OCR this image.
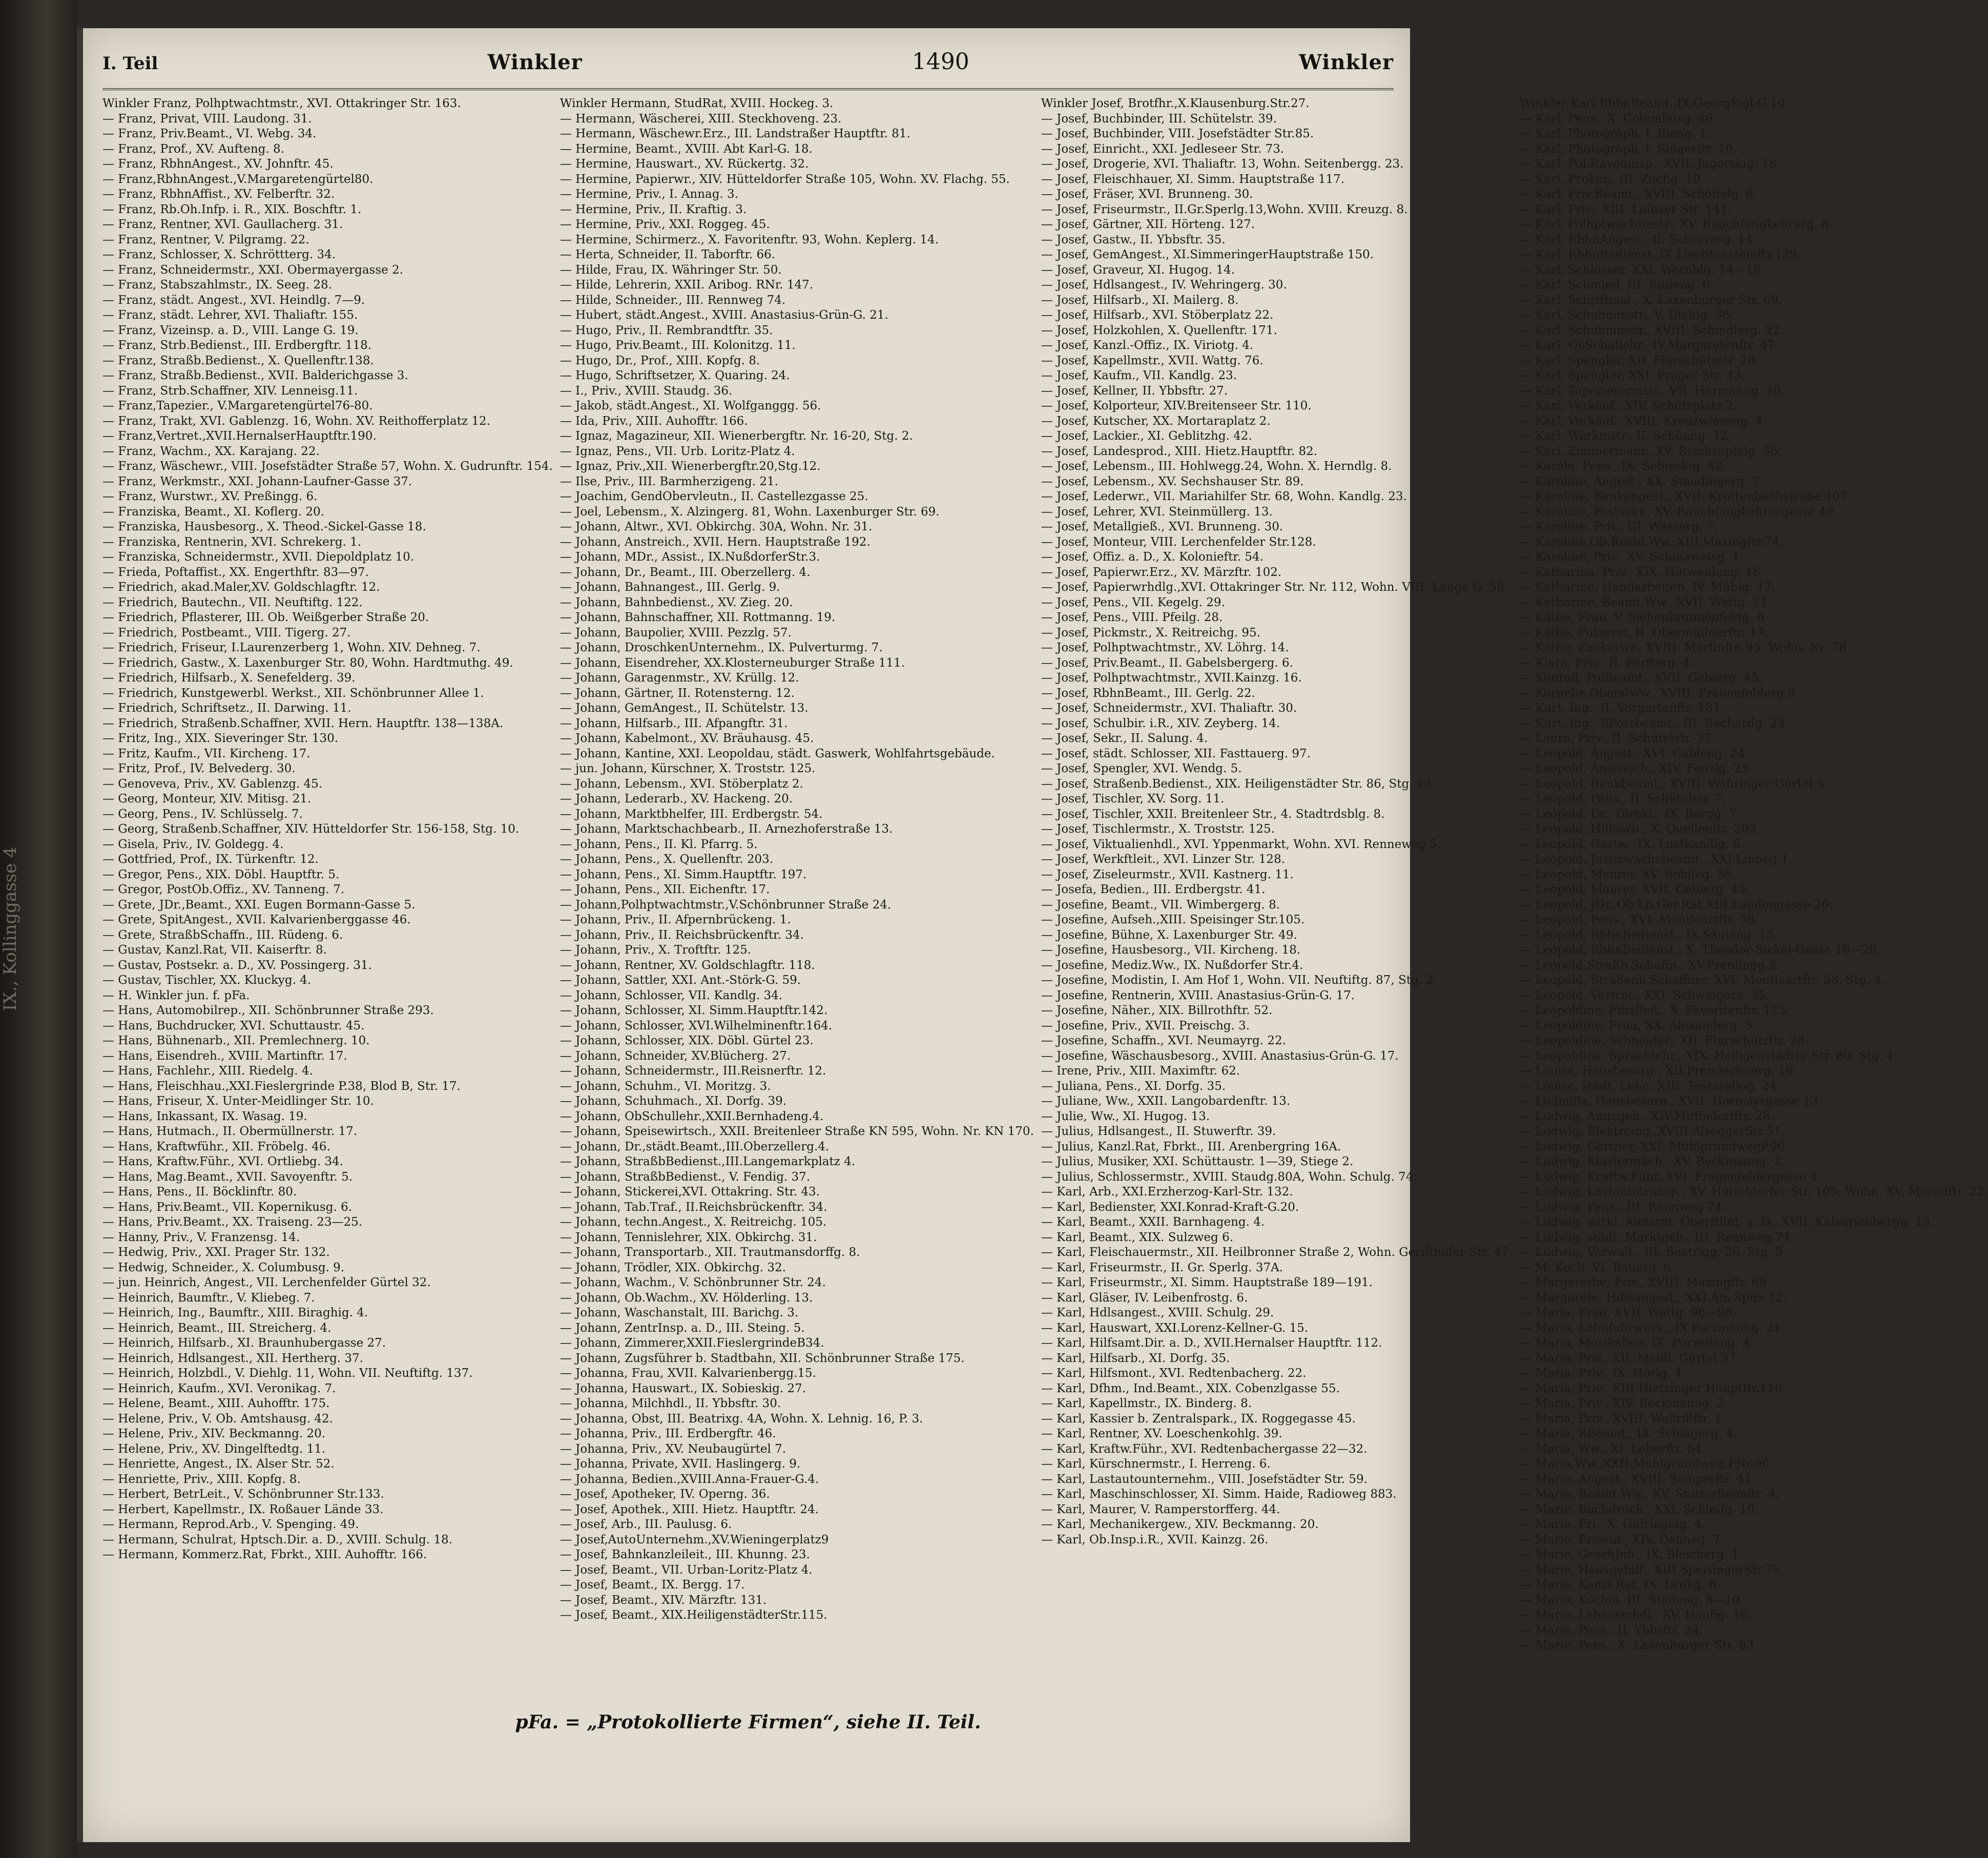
IX., Kollinggasse 4
I. Teil	Winkler	1490	Winkler
Winkler Franz, Polhptwachtmstr., XVI. Ottakringer Str. 163.
— Franz, Privat, VIII. Laudong. 31.
— Franz, Priv.Beamt., VI. Webg. 34.
— Franz, Prof., XV. Aufteng. 8.
— Franz, RbhnAngest., XV. Johnftr. 45.
— Franz,RbhnAngest.,V.Margaretengürtel80.
— Franz, RbhnAffist., XV. Felberftr. 32.
— Franz, Rb.Oh.Infp. i. R., XIX. Boschftr. 1.
— Franz, Rentner, XVI. Gaullacherg. 31.
— Franz, Rentner, V. Pilgramg. 22.
— Franz, Schlosser, X. Schröttterg. 34.
— Franz, Schneidermstr., XXI. Obermayergasse 2.
— Franz, Stabszahlmstr., IX. Seeg. 28.
— Franz, städt. Angest., XVI. Heindlg. 7—9.
— Franz, städt. Lehrer, XVI. Thaliaftr. 155.
— Franz, Vizeinsp. a. D., VIII. Lange G. 19.
— Franz, Strb.Bedienst., III. Erdbergftr. 118.
— Franz, Straßb.Bedienst., X. Quellenftr.138.
— Franz, Straßb.Bedienst., XVII. Balderichgasse 3.
— Franz, Strb.Schaffner, XIV. Lenneisg.11.
— Franz,Tapezier., V.Margaretengürtel76-80.
— Franz, Trakt, XVI. Gablenzg. 16, Wohn. XV. Reithofferplatz 12.
— Franz,Vertret.,XVII.HernalserHauptftr.190.
— Franz, Wachm., XX. Karajang. 22.
— Franz, Wäschewr., VIII. Josefstädter Straße 57, Wohn. X. Gudrunftr. 154.
— Franz, Werkmstr., XXI. Johann-Laufner-Gasse 37.
— Franz, Wurstwr., XV. Preßingg. 6.
— Franziska, Beamt., XI. Koflerg. 20.
— Franziska, Hausbesorg., X. Theod.-Sickel-Gasse 18.
— Franziska, Rentnerin, XVI. Schrekerg. 1.
— Franziska, Schneidermstr., XVII. Diepoldplatz 10.
— Frieda, Poftaffist., XX. Engerthftr. 83—97.
— Friedrich, akad.Maler,XV. Goldschlagftr. 12.
— Friedrich, Bautechn., VII. Neuftiftg. 122.
— Friedrich, Pflasterer, III. Ob. Weißgerber Straße 20.
— Friedrich, Postbeamt., VIII. Tigerg. 27.
— Friedrich, Friseur, I.Laurenzerberg 1, Wohn. XIV. Dehneg. 7.
— Friedrich, Gastw., X. Laxenburger Str. 80, Wohn. Hardtmuthg. 49.
— Friedrich, Hilfsarb., X. Senefelderg. 39.
— Friedrich, Kunstgewerbl. Werkst., XII. Schönbrunner Allee 1.
— Friedrich, Schriftsetz., II. Darwing. 11.
— Friedrich, Straßenb.Schaffner, XVII. Hern. Hauptftr. 138—138A.
— Fritz, Ing., XIX. Sieveringer Str. 130.
— Fritz, Kaufm., VII. Kircheng. 17.
— Fritz, Prof., IV. Belvederg. 30.
— Genoveva, Priv., XV. Gablenzg. 45.
— Georg, Monteur, XIV. Mitisg. 21.
— Georg, Pens., IV. Schlüsselg. 7.
— Georg, Straßenb.Schaffner, XIV. Hütteldorfer Str. 156-158, Stg. 10.
— Gisela, Priv., IV. Goldegg. 4.
— Gottfried, Prof., IX. Türkenftr. 12.
— Gregor, Pens., XIX. Döbl. Hauptftr. 5.
— Gregor, PostOb.Offiz., XV. Tanneng. 7.
— Grete, JDr.,Beamt., XXI. Eugen Bormann-Gasse 5.
— Grete, SpitAngest., XVII. Kalvarienberggasse 46.
— Grete, StraßbSchaffn., III. Rüdeng. 6.
— Gustav, Kanzl.Rat, VII. Kaiserftr. 8.
— Gustav, Postsekr. a. D., XV. Possingerg. 31.
— Gustav, Tischler, XX. Kluckyg. 4.
— H. Winkler jun. f. pFa.
— Hans, Automobilrep., XII. Schönbrunner Straße 293.
— Hans, Buchdrucker, XVI. Schuttaustr. 45.
— Hans, Bühnenarb., XII. Premlechnerg. 10.
— Hans, Eisendreh., XVIII. Martinftr. 17.
— Hans, Fachlehr., XIII. Riedelg. 4.
— Hans, Fleischhau.,XXI.Fieslergrinde P.38, Blod B, Str. 17.
— Hans, Friseur, X. Unter-Meidlinger Str. 10.
— Hans, Inkassant, IX. Wasag. 19.
— Hans, Hutmach., II. Obermüllnerstr. 17.
— Hans, Kraftwführ., XII. Fröbelg. 46.
— Hans, Kraftw.Führ., XVI. Ortliebg. 34.
— Hans, Mag.Beamt., XVII. Savoyenftr. 5.
— Hans, Pens., II. Böcklinftr. 80.
— Hans, Priv.Beamt., VII. Kopernikusg. 6.
— Hans, Priv.Beamt., XX. Traiseng. 23—25.
— Hanny, Priv., V. Franzensg. 14.
— Hedwig, Priv., XXI. Prager Str. 132.
— Hedwig, Schneider., X. Columbusg. 9.
— jun. Heinrich, Angest., VII. Lerchenfelder Gürtel 32.
— Heinrich, Baumftr., V. Kliebeg. 7.
— Heinrich, Ing., Baumftr., XIII. Biraghig. 4.
— Heinrich, Beamt., III. Streicherg. 4.
— Heinrich, Hilfsarb., XI. Braunhubergasse 27.
— Heinrich, Hdlsangest., XII. Hertherg. 37.
— Heinrich, Holzbdl., V. Diehlg. 11, Wohn. VII. Neuftiftg. 137.
— Heinrich, Kaufm., XVI. Veronikag. 7.
— Helene, Beamt., XIII. Auhofftr. 175.
— Helene, Priv., V. Ob. Amtshausg. 42.
— Helene, Priv., XIV. Beckmanng. 20.
— Helene, Priv., XV. Dingelftedtg. 11.
— Henriette, Angest., IX. Alser Str. 52.
— Henriette, Priv., XIII. Kopfg. 8.
— Herbert, BetrLeit., V. Schönbrunner Str.133.
— Herbert, Kapellmstr., IX. Roßauer Lände 33.
— Hermann, Reprod.Arb., V. Spenging. 49.
— Hermann, Schulrat, Hptsch.Dir. a. D., XVIII. Schulg. 18.
— Hermann, Kommerz.Rat, Fbrkt., XIII. Auhofftr. 166.
Winkler Hermann, StudRat, XVIII. Hockeg. 3.
— Hermann, Wäscherei, XIII. Steckhoveng. 23.
— Hermann, Wäschewr.Erz., III. Landstraßer Hauptftr. 81.
— Hermine, Beamt., XVIII. Abt Karl-G. 18.
— Hermine, Hauswart., XV. Rückertg. 32.
— Hermine, Papierwr., XIV. Hütteldorfer Straße 105, Wohn. XV. Flachg. 55.
— Hermine, Priv., I. Annag. 3.
— Hermine, Priv., II. Kraftig. 3.
— Hermine, Priv., XXI. Roggeg. 45.
— Hermine, Schirmerz., X. Favoritenftr. 93, Wohn. Keplerg. 14.
— Herta, Schneider, II. Taborftr. 66.
— Hilde, Frau, IX. Währinger Str. 50.
— Hilde, Lehrerin, XXII. Aribog. RNr. 147.
— Hilde, Schneider., III. Rennweg 74.
— Hubert, städt.Angest., XVIII. Anastasius-Grün-G. 21.
— Hugo, Priv., II. Rembrandtftr. 35.
— Hugo, Priv.Beamt., III. Kolonitzg. 11.
— Hugo, Dr., Prof., XIII. Kopfg. 8.
— Hugo, Schriftsetzer, X. Quaring. 24.
— I., Priv., XVIII. Staudg. 36.
— Jakob, städt.Angest., XI. Wolfganggg. 56.
— Ida, Priv., XIII. Auhofftr. 166.
— Ignaz, Magazineur, XII. Wienerbergftr. Nr. 16-20, Stg. 2.
— Ignaz, Pens., VII. Urb. Loritz-Platz 4.
— Ignaz, Priv.,XII. Wienerbergftr.20,Stg.12.
— Ilse, Priv., III. Barmherzigeng. 21.
— Joachim, GendObervleutn., II. Castellezgasse 25.
— Joel, Lebensm., X. Alzingerg. 81, Wohn. Laxenburger Str. 69.
— Johann, Altwr., XVI. Obkirchg. 30A, Wohn. Nr. 31.
— Johann, Anstreich., XVII. Hern. Hauptstraße 192.
— Johann, MDr., Assist., IX.NußdorferStr.3.
— Johann, Dr., Beamt., III. Oberzellerg. 4.
— Johann, Bahnangest., III. Gerlg. 9.
— Johann, Bahnbedienst., XV. Zieg. 20.
— Johann, Bahnschaffner, XII. Rottmanng. 19.
— Johann, Baupolier, XVIII. Pezzlg. 57.
— Johann, DroschkenUnternehm., IX. Pulverturmg. 7.
— Johann, Eisendreher, XX.Klosterneuburger Straße 111.
— Johann, Garagenmstr., XV. Krüllg. 12.
— Johann, Gärtner, II. Rotensterng. 12.
— Johann, GemAngest., II. Schütelstr. 13.
— Johann, Hilfsarb., III. Afpangftr. 31.
— Johann, Kabelmont., XV. Bräuhausg. 45.
— Johann, Kantine, XXI. Leopoldau, städt. Gaswerk, Wohlfahrtsgebäude.
— jun. Johann, Kürschner, X. Troststr. 125.
— Johann, Lebensm., XVI. Stöberplatz 2.
— Johann, Lederarb., XV. Hackeng. 20.
— Johann, Marktbhelfer, III. Erdbergstr. 54.
— Johann, Marktschachbearb., II. Arnezhoferstraße 13.
— Johann, Pens., II. Kl. Pfarrg. 5.
— Johann, Pens., X. Quellenftr. 203.
— Johann, Pens., XI. Simm.Hauptftr. 197.
— Johann, Pens., XII. Eichenftr. 17.
— Johann,Polhptwachtmstr.,V.Schönbrunner Straße 24.
— Johann, Priv., II. Afpernbrückeng. 1.
— Johann, Priv., II. Reichsbrückenftr. 34.
— Johann, Priv., X. Troftftr. 125.
— Johann, Rentner, XV. Goldschlagftr. 118.
— Johann, Sattler, XXI. Ant.-Störk-G. 59.
— Johann, Schlosser, VII. Kandlg. 34.
— Johann, Schlosser, XI. Simm.Hauptftr.142.
— Johann, Schlosser, XVI.Wilhelminenftr.164.
— Johann, Schlosser, XIX. Döbl. Gürtel 23.
— Johann, Schneider, XV.Blücherg. 27.
— Johann, Schneidermstr., III.Reisnerftr. 12.
— Johann, Schuhm., VI. Moritzg. 3.
— Johann, Schuhmach., XI. Dorfg. 39.
— Johann, ObSchullehr.,XXII.Bernhadeng.4.
— Johann, Speisewirtsch., XXII. Breitenleer Straße KN 595, Wohn. Nr. KN 170.
— Johann, Dr.,städt.Beamt.,III.Oberzellerg.4.
— Johann, StraßbBedienst.,III.Langemarkplatz 4.
— Johann, StraßbBedienst., V. Fendig. 37.
— Johann, Stickerei,XVI. Ottakring. Str. 43.
— Johann, Tab.Traf., II.Reichsbrückenftr. 34.
— Johann, techn.Angest., X. Reitreichg. 105.
— Johann, Tennislehrer, XIX. Obkirchg. 31.
— Johann, Transportarb., XII. Trautmansdorffg. 8.
— Johann, Trödler, XIX. Obkirchg. 32.
— Johann, Wachm., V. Schönbrunner Str. 24.
— Johann, Ob.Wachm., XV. Hölderling. 13.
— Johann, Waschanstalt, III. Barichg. 3.
— Johann, ZentrInsp. a. D., III. Steing. 5.
— Johann, Zimmerer,XXII.FieslergrindeB34.
— Johann, Zugsführer b. Stadtbahn, XII. Schönbrunner Straße 175.
— Johanna, Frau, XVII. Kalvarienbergg.15.
— Johanna, Hauswart., IX. Sobieskig. 27.
— Johanna, Milchhdl., II. Ybbsftr. 30.
— Johanna, Obst, III. Beatrixg. 4A, Wohn. X. Lehnig. 16, P. 3.
— Johanna, Priv., III. Erdbergftr. 46.
— Johanna, Priv., XV. Neubaugürtel 7.
— Johanna, Private, XVII. Haslingerg. 9.
— Johanna, Bedien.,XVIII.Anna-Frauer-G.4.
— Josef, Apotheker, IV. Operng. 36.
— Josef, Apothek., XIII. Hietz. Hauptftr. 24.
— Josef, Arb., III. Paulusg. 6.
— Josef,AutoUnternehm.,XV.Wieningerplatz9
— Josef, Bahnkanzleileit., III. Khunng. 23.
— Josef, Beamt., VII. Urban-Loritz-Platz 4.
— Josef, Beamt., IX. Bergg. 17.
— Josef, Beamt., XIV. Märzftr. 131.
— Josef, Beamt., XIX.HeiligenstädterStr.115.
Winkler Josef, Brotfhr.,X.Klausenburg.Str.27.
— Josef, Buchbinder, III. Schütelstr. 39.
— Josef, Buchbinder, VIII. Josefstädter Str.85.
— Josef, Einricht., XXI. Jedleseer Str. 73.
— Josef, Drogerie, XVI. Thaliaftr. 13, Wohn. Seitenbergg. 23.
— Josef, Fleischhauer, XI. Simm. Hauptstraße 117.
— Josef, Fräser, XVI. Brunneng. 30.
— Josef, Friseurmstr., II.Gr.Sperlg.13,Wohn. XVIII. Kreuzg. 8.
— Josef, Gärtner, XII. Hörteng. 127.
— Josef, Gastw., II. Ybbsftr. 35.
— Josef, GemAngest., XI.SimmeringerHauptstraße 150.
— Josef, Graveur, XI. Hugog. 14.
— Josef, Hdlsangest., IV. Wehringerg. 30.
— Josef, Hilfsarb., XI. Mailerg. 8.
— Josef, Hilfsarb., XVI. Stöberplatz 22.
— Josef, Holzkohlen, X. Quellenftr. 171.
— Josef, Kanzl.-Offiz., IX. Viriotg. 4.
— Josef, Kapellmstr., XVII. Wattg. 76.
— Josef, Kaufm., VII. Kandlg. 23.
— Josef, Kellner, II. Ybbsftr. 27.
— Josef, Kolporteur, XIV.Breitenseer Str. 110.
— Josef, Kutscher, XX. Mortaraplatz 2.
— Josef, Lackier., XI. Geblitzhg. 42.
— Josef, Landesprod., XIII. Hietz.Hauptftr. 82.
— Josef, Lebensm., III. Hohlwegg.24, Wohn. X. Herndlg. 8.
— Josef, Lebensm., XV. Sechshauser Str. 89.
— Josef, Lederwr., VII. Mariahilfer Str. 68, Wohn. Kandlg. 23.
— Josef, Lehrer, XVI. Steinmüllerg. 13.
— Josef, Metallgieß., XVI. Brunneng. 30.
— Josef, Monteur, VIII. Lerchenfelder Str.128.
— Josef, Offiz. a. D., X. Kolonieftr. 54.
— Josef, Papierwr.Erz., XV. Märzftr. 102.
— Josef, Papierwrhdlg.,XVI. Ottakringer Str. Nr. 112, Wohn. VIII. Lange G. 58.
— Josef, Pens., VII. Kegelg. 29.
— Josef, Pens., VIII. Pfeilg. 28.
— Josef, Pickmstr., X. Reitreichg. 95.
— Josef, Polhptwachtmstr., XV. Löhrg. 14.
— Josef, Priv.Beamt., II. Gabelsbergerg. 6.
— Josef, Polhptwachtmstr., XVII.Kainzg. 16.
— Josef, RbhnBeamt., III. Gerlg. 22.
— Josef, Schneidermstr., XVI. Thaliaftr. 30.
— Josef, Schulbir. i.R., XIV. Zeyberg. 14.
— Josef, Sekr., II. Salung. 4.
— Josef, städt. Schlosser, XII. Fasttauerg. 97.
— Josef, Spengler, XVI. Wendg. 5.
— Josef, Straßenb.Bedienst., XIX. Heiligenstädter Str. 86, Stg. 13.
— Josef, Tischler, XV. Sorg. 11.
— Josef, Tischler, XXII. Breitenleer Str., 4. Stadtrdsblg. 8.
— Josef, Tischlermstr., X. Troststr. 125.
— Josef, Viktualienhdl., XVI. Yppenmarkt, Wohn. XVI. Renneweg 5.
— Josef, Werkftleit., XVI. Linzer Str. 128.
— Josef, Ziseleurmstr., XVII. Kastnerg. 11.
— Josefa, Bedien., III. Erdbergstr. 41.
— Josefine, Beamt., VII. Wimbergerg. 8.
— Josefine, Aufseh.,XIII. Speisinger Str.105.
— Josefine, Bühne, X. Laxenburger Str. 49.
— Josefine, Hausbesorg., VII. Kircheng. 18.
— Josefine, Mediz.Ww., IX. Nußdorfer Str.4.
— Josefine, Modistin, I. Am Hof 1, Wohn. VII. Neuftiftg. 87, Stg. 2.
— Josefine, Rentnerin, XVIII. Anastasius-Grün-G. 17.
— Josefine, Näher., XIX. Billrothftr. 52.
— Josefine, Priv., XVII. Preischg. 3.
— Josefine, Schaffn., XVI. Neumayrg. 22.
— Josefine, Wäschausbesorg., XVIII. Anastasius-Grün-G. 17.
— Irene, Priv., XIII. Maximftr. 62.
— Juliana, Pens., XI. Dorfg. 35.
— Juliane, Ww., XXII. Langobardenftr. 13.
— Julie, Ww., XI. Hugog. 13.
— Julius, Hdlsangest., II. Stuwerftr. 39.
— Julius, Kanzl.Rat, Fbrkt., III. Arenbergring 16A.
— Julius, Musiker, XXI. Schüttaustr. 1—39, Stiege 2.
— Julius, Schlossermstr., XVIII. Staudg.80A, Wohn. Schulg. 74.
— Karl, Arb., XXI.Erzherzog-Karl-Str. 132.
— Karl, Bedienster, XXI.Konrad-Kraft-G.20.
— Karl, Beamt., XXII. Barnhageng. 4.
— Karl, Beamt., XIX. Sulzweg 6.
— Karl, Fleischauermstr., XII. Heilbronner Straße 2, Wohn. Gerifthofer Str. 47.
— Karl, Friseurmstr., II. Gr. Sperlg. 37A.
— Karl, Friseurmstr., XI. Simm. Hauptstraße 189—191.
— Karl, Gläser, IV. Leibenfrostg. 6.
— Karl, Hdlsangest., XVIII. Schulg. 29.
— Karl, Hauswart, XXI.Lorenz-Kellner-G. 15.
— Karl, Hilfsamt.Dir. a. D., XVII.Hernalser Hauptftr. 112.
— Karl, Hilfsarb., XI. Dorfg. 35.
— Karl, Hilfsmont., XVI. Redtenbacherg. 22.
— Karl, Dfhm., Ind.Beamt., XIX. Cobenzlgasse 55.
— Karl, Kapellmstr., IX. Binderg. 8.
— Karl, Kassier b. Zentralspark., IX. Roggegasse 45.
— Karl, Rentner, XV. Loeschenkohlg. 39.
— Karl, Kraftw.Führ., XVI. Redtenbachergasse 22—32.
— Karl, Kürschnermstr., I. Herreng. 6.
— Karl, Lastautounternehm., VIII. Josefstädter Str. 59.
— Karl, Maschinschlosser, XI. Simm. Haide, Radioweg 883.
— Karl, Maurer, V. Ramperstorfferg. 44.
— Karl, Mechanikergew., XIV. Beckmanng. 20.
— Karl, Ob.Insp.i.R., XVII. Kainzg. 26.
Winkler Karl,RbhnBeamt.,IX.GeorgSigl-G.10
— Karl, Pens., X. Columbusg. 86.
— Karl, Photograph, I. Ilieng. 1.
— Karl, Photograph, I. Singerftr. 10.
— Karl, Pol.Rayoninsp., XVII. Jagorskig. 18.
— Karl, Prokur., III. Zuchg. 10.
— Karl, Priv.Beamt., XVIII. Schöffelg. 6.
— Karl, Priv., XIII. Lainzer Str. 141.
— Karl, Polhptwachtmstr., XV. Rauchfangkehrerg. 8.
— Karl, RbhnAngest., II. Scherzerg. 14.
— Karl, RbhnBedienst.,IX.Liechtensteinftr.129.
— Karl, Schlosser, XXI. Wernblg. 14—18.
— Karl, Schmied, III. Rüdeng. 6.
— Karl, Schriftmal., X. Laxenburger Str. 69.
— Karl, Schuhmmstr., V. Diehlg. 36.
— Karl, Schuhmmstr., XVIII. Schindlerg. 22.
— Karl, ObSchullehr., IV.Margaretenftr. 47.
— Karl, Spengler, XII. Flurschützstr. 28.
— Karl, Spengler, XXI. Prager Str. 43.
— Karl, Tapezierermstr., VII. Hermanng. 10.
— Karl, Verkäuf., XIV. Schützplatz 2.
— Karl, Verkäuf., XVIII. Kreuzwieseng. 4.
— Karl, Werkmstr., II. Schönng. 12.
— Karl, Zimmermann, XV. Reichsapfelg. 36.
— Karola, Pens., IX. Sobieskig. 42.
— Karoline, Angest., XX. Staudingerg. 7.
— Karoline, Bankangest., XVII. Krottenbachstraße 107.
— Karoline, Postsekr., XV. Rauchfangkehrergasse 40.
— Karoline, Priv., III. Wasserg. 7.
— Karoline,Ob.Revid.Ww.,XIII.Maxingftr.74.
— Karoline, Priv., XV. Schinaweisg. 1.
— Katharina, Priv., XIX. Hutweideng. 16.
— Katharine, Handarbeiten, IV. Mühlg. 17.
— Katharine, Beamt.Ww., XVII. Wattg. 71.
— Käthe, Frau, V. Siebenbrunnenfeldg. 6.
— Käthe, Putzerei, II. Obermüllnerftr. 17.
— Käthe, Zuckerwr., XVIII. Martinftr. 95, Wohn. Nr. 78.
— Klara, Priv., II. Förfterg. 4.
— Konrad, PolBeamt., XVII. Gebierg. 45.
— Kornelie,Oberstww., XVIII. Frauenfelderg.9.
— Kurt, Ing., II. Vorgartenftr. 181.
— Kurt, Ing., RPostbeamt., III. Bechardg. 23.
— Laura, Priv., II. Schütelstr. 37.
— Leopold, Angest., XVI. Gableng. 24.
— Leopold, Anstreich., XIV. Fenzlg. 25.
— Leopold, Bankbeamt., XVIII. Währinger Gürtel 5.
— Leopold, Pens., II. Schütelstr. 7.
— Leopold, Dr., Direkt., IX. Bergg. 7.
— Leopold, Hilfsarb., X. Quellenftr. 203.
— Leopold, Gastw., IX. Lustkandlg. 6.
— Leopold, Justizwachebeamt., XXI.Linnég.1.
— Leopold, Maurer, XV. Robileg. 56.
— Leopold, Maurer, XVII. Gebierg. 45.
— Leopold, JDr.,Ob.Lb.Ger.Rat,XIII.Laudongasse 20.
— Leopold, Pens., XVI. Montleartftr. 58.
— Leopold, RbhnBedienst., IX.Säuleng. 15.
— Leopold, RbhnBedienst., X. Theodor-Sickel-Gasse 16—20.
— Leopold,Straßb.Schaffn., XV.Prenlingg.2.
— Leopold, Straßenb.Schaffner, XVI. Montleartftr. 58, Stg. 4.
— Leopold, Vertret., XXI. Schwaigera. 35.
— Leopoldine, Filialleit., X. Favoritenftr. 123.
— Leopoldine, Frau, XX. Alexanderg. 5.
— Leopoldine, Schneider., XII. Flurschützftr. 28.
— Leopoldine, Sprachlehr., XIX. Heiligenstädter Str. 80, Stg. 4.
— Louise, Hausbesorg., XII.Premlechnerg. 16.
— Louise, städt. Lehr., XIII. Testarellog. 24.
— Ludmilla, Hausbesorg., XVII. Hormayrgasse 13.
— Ludwig, Amtsgeh., XIV.Miffindorfftr. 28.
— Ludwig, Elektroing.,XVIII.AlseggerStr.51.
— Ludwig, Gärtner, XXI. MühlgrundwegP.90.
— Ludwig, Klaviermach., XV. Beckmanng. 2.
— Ludwig, Kraftw.Führ.,XVI. Frauenfeldergasse 4.
— Ludwig, Lastautotransp., XV. Hütteldorfer Str. 105. Wohn. XV. Meiselftr. 22.
— Ludwig, Pens., III. Rennweg 74.
— Ludwig, wirkl. Amtsrat, Oberftlint. a. D., XVII. Kalvarienbergg. 15.
— Ludwig, städt. Marktgeh., III. Rennweg 74.
— Ludwig, Verwalt., III. Beatrigg. 26, Stg. 5.
— M. Koch, VI. Bauerg. 6.
— Margarethe, Priv., XVIII. Maxingftr. 68.
— Margarete, Hdlsangest., XXI.Am Spitz 12.
— Maria, Frau, XVII. Wattg. 96—98.
— Maria, Lohnfuhrwerk., IX.Porzmanng. 21.
— Maria, Musikalien, IX. Porzellang. 4.
— Maria, Priv., XII. Meidl. Gürtel 37.
— Maria, Priv., IX. Hörlg. 4.
— Maria, Priv., XIII.Hietzinger Hauptftr.110.
— Maria, Priv., XIV. Beckmanng. 2.
— Maria, Priv., XVIII. Wallrißftr. 1.
— Maria, RBeamt., IX. Schlagerg. 4.
— Maria, Ww., XI. Leberftr. 64.
— Maria,Ww.,XXII.Mühlgrundweg,PNr.90.
— Marie, Angest., XVIII. Semperftr. 41.
— Marie, Beamt.Ww., XV. Stutterheimftr. 4.
— Marie, Buchdruck., XXI. Schleifg. 10.
— Marie, Frl., X. Gufriegelg. 4.
— Marie, Friseur., XIV. Dehneg. 7.
— Marie, GeschJnh., IX. Bleicherg. 1.
— Marie, Hausgehilf., XIII.SpeisingerStr.75.
— Marie, Kanzl.Rat, IX. Leukg. 6.
— Marie, Köchin, III. Stammg. 8—10.
— Marie, Lebensmhdl., XV. Haufig. 16.
— Marie, Pens., II. Ybbsftr. 24.
— Marie, Pens., X. Laxenburger Str. 83.
pFa. = „Protokollierte Firmen“, siehe II. Teil.
